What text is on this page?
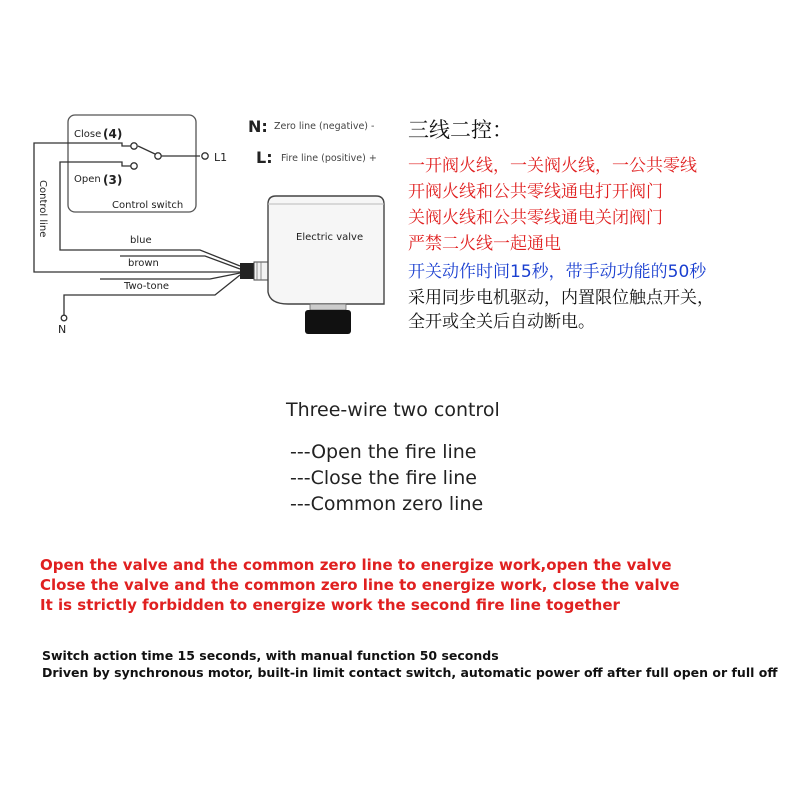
Close (4)
Open (3)
Control switch
L1
N
Control line
blue
brown
Two-tone
Electric valve
N: Zero line (negative) -
L: Fire line (positive) +
三线二控：
一开阀火线，一关阀火线，一公共零线
开阀火线和公共零线通电打开阀门
关阀火线和公共零线通电关闭阀门
严禁二火线一起通电
开关动作时间15秒，带手动功能的50秒
采用同步电机驱动，内置限位触点开关，
全开或全关后自动断电。
Three-wire two control
---Open the fire line
---Close the fire line
---Common zero line
Open the valve and the common zero line to energize work,open the valve
Close the valve and the common zero line to energize work, close the valve
It is strictly forbidden to energize work the second fire line together
Switch action time 15 seconds, with manual function 50 seconds
Driven by synchronous motor, built-in limit contact switch, automatic power off after full open or full off
